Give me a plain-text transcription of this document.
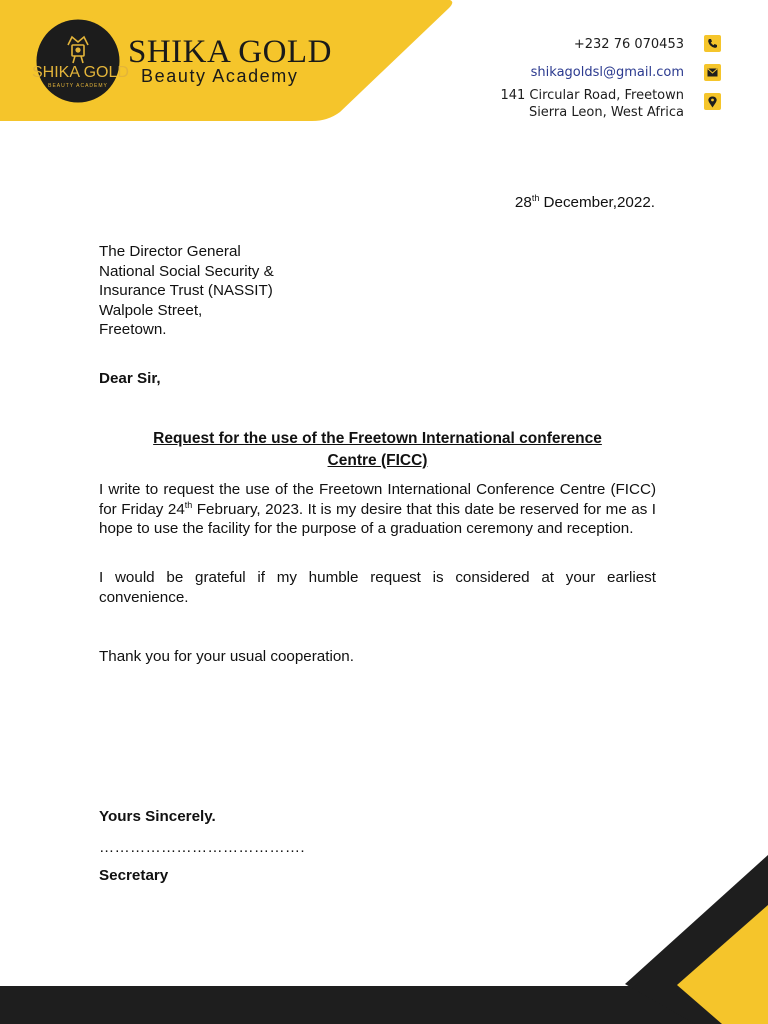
SHIKA GOLD
BEAUTY ACADEMY
SHIKA GOLD
Beauty Academy
+232 76 070453
shikagoldsl@gmail.com
141 Circular Road, Freetown
Sierra Leon, West Africa
28th December,2022.
The Director General
National Social Security &
Insurance Trust (NASSIT)
Walpole Street,
Freetown.
Dear Sir,
Request for the use of the Freetown International conference
Centre (FICC)
I write to request the use of the Freetown International Conference Centre (FICC) for Friday 24th February, 2023. It is my desire that this date be reserved for me as I hope to use the facility for the purpose of a graduation ceremony and reception.
I would be grateful if my humble request is considered at your earliest convenience.
Thank you for your usual cooperation.
Yours Sincerely.
………………………………….
Secretary
